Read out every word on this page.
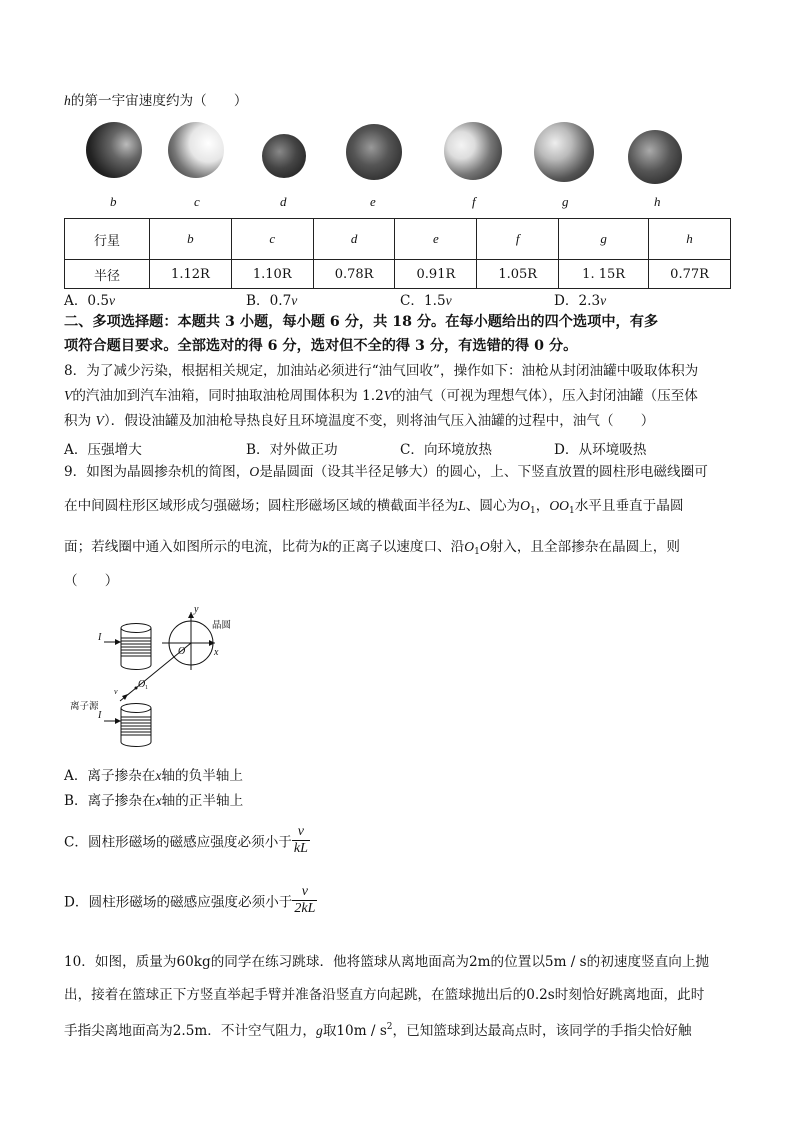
h的第一宇宙速度约为（　　）
b	c	d	e	f	g	h
行星	b	c	d	e	f	g	h
半径	1.12R	1.10R	0.78R	0.91R	1.05R	1. 15R	0.77R
A．0.5v	B．0.7v	C．1.5v	D．2.3v
二、多项选择题：本题共 3 小题，每小题 6 分，共 18 分。在每小题给出的四个选项中，有多
项符合题目要求。全部选对的得 6 分，选对但不全的得 3 分，有选错的得 0 分。
8．为了减少污染，根据相关规定，加油站必须进行“油气回收”，操作如下：油枪从封闭油罐中吸取体积为
V的汽油加到汽车油箱，同时抽取油枪周围体积为 1.2V的油气（可视为理想气体），压入封闭油罐（压至体
积为 V）．假设油罐及加油枪导热良好且环境温度不变，则将油气压入油罐的过程中，油气（　　）
A．压强增大	B．对外做正功	C．向环境放热	D．从环境吸热
9．如图为晶圆掺杂机的简图，O是晶圆面（设其半径足够大）的圆心，上、下竖直放置的圆柱形电磁线圈可
在中间圆柱形区域形成匀强磁场；圆柱形磁场区域的横截面半径为L、圆心为$O_1$，$OO_1$水平且垂直于晶圆
面；若线圈中通入如图所示的电流，比荷为k的正离子以速度口、沿$O_1O$射入，且全部掺杂在晶圆上，则
（　　）
I
I
y
O	x
晶圆
O 1
v
离子源
A．离子掺杂在x轴的负半轴上
B．离子掺杂在x轴的正半轴上
C．圆柱形磁场的磁感应强度必须小于 $\frac{v}{kL}$
D．圆柱形磁场的磁感应强度必须小于 $\frac{v}{2kL}$
10．如图，质量为60kg的同学在练习跳球．他将篮球从离地面高为2m的位置以5m / s的初速度竖直向上抛
出，接着在篮球正下方竖直举起手臂并准备沿竖直方向起跳，在篮球抛出后的0.2s时刻恰好跳离地面，此时
手指尖离地面高为2.5m．不计空气阻力，g取$10m / s^2$，已知篮球到达最高点时，该同学的手指尖恰好触
